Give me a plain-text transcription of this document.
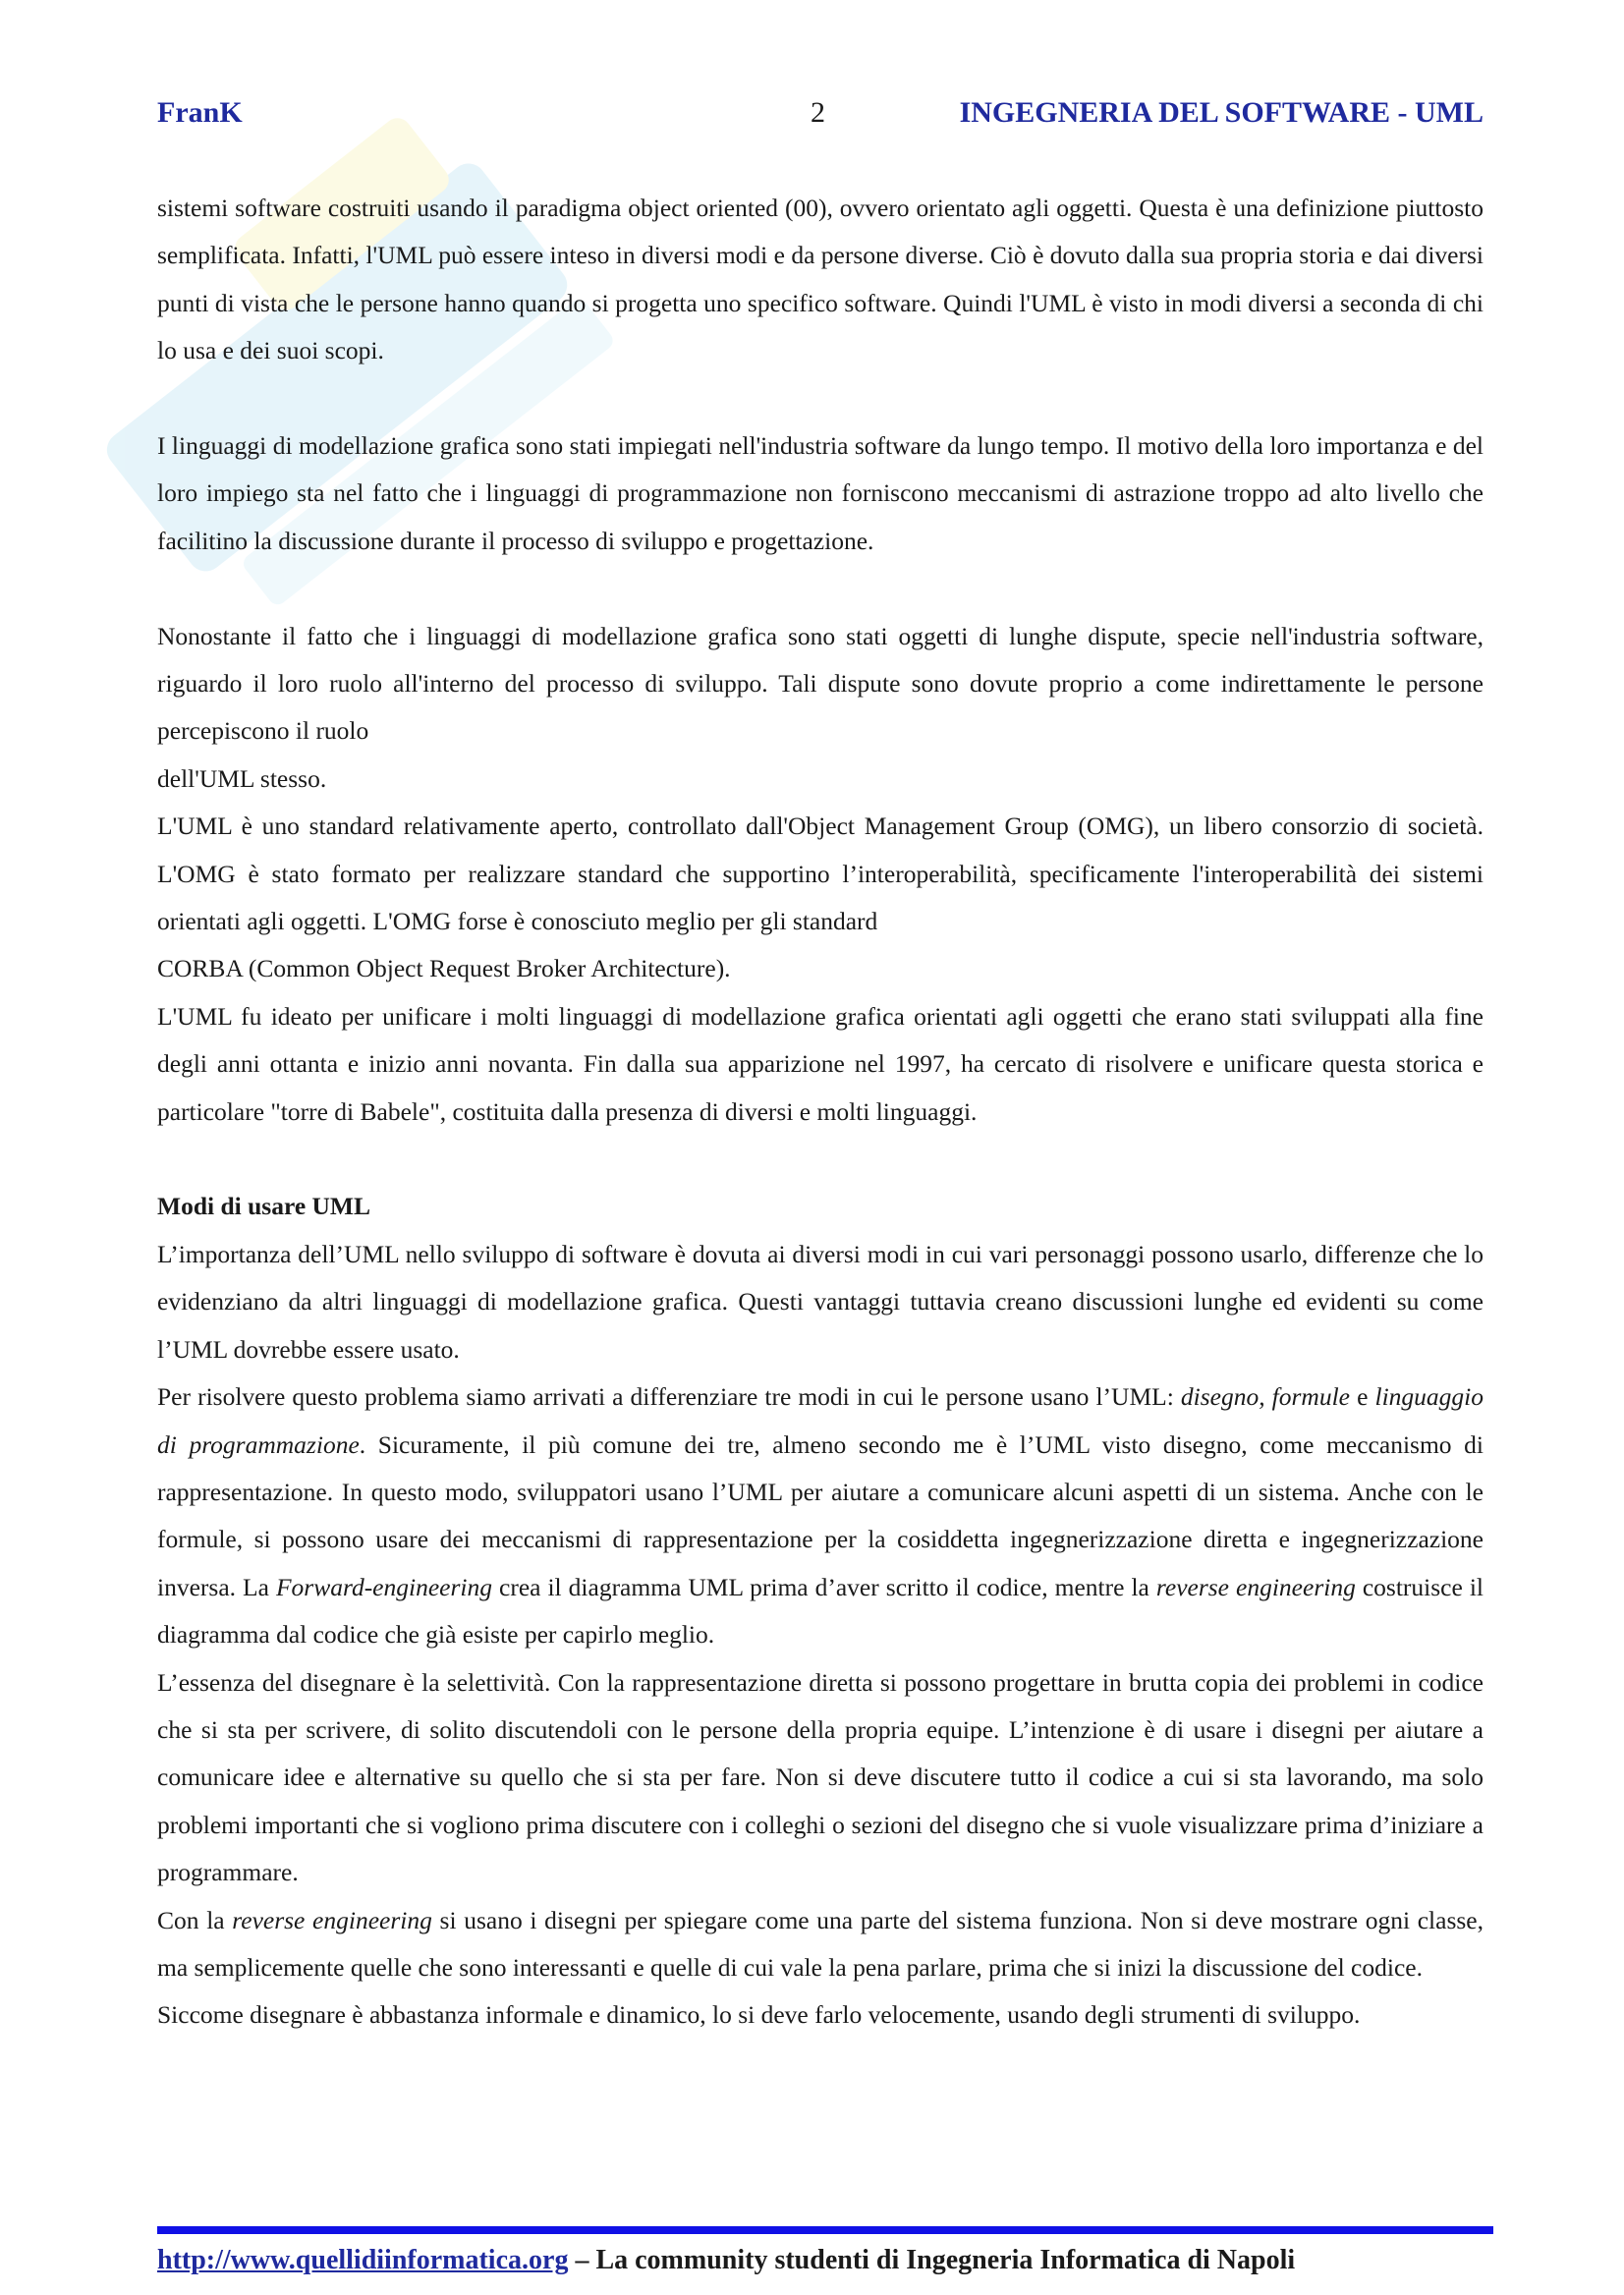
FranK	2	INGEGNERIA DEL SOFTWARE - UML

sistemi software costruiti usando il paradigma object oriented (00), ovvero orientato agli oggetti. Questa è una definizione piuttosto semplificata. Infatti, l'UML può essere inteso in diversi modi e da persone diverse. Ciò è dovuto dalla sua propria storia e dai diversi punti di vista che le persone hanno quando si progetta uno specifico software. Quindi l'UML è visto in modi diversi a seconda di chi lo usa e dei suoi scopi.

I linguaggi di modellazione grafica sono stati impiegati nell'industria software da lungo tempo. Il motivo della loro importanza e del loro impiego sta nel fatto che i linguaggi di programmazione non forniscono meccanismi di astrazione troppo ad alto livello che facilitino la discussione durante il processo di sviluppo e progettazione.

Nonostante il fatto che i linguaggi di modellazione grafica sono stati oggetti di lunghe dispute, specie nell'industria software, riguardo il loro ruolo all'interno del processo di sviluppo. Tali dispute sono dovute proprio a come indirettamente le persone percepiscono il ruolo

dell'UML stesso.

L'UML è uno standard relativamente aperto, controllato dall'Object Management Group (OMG), un libero consorzio di società. L'OMG è stato formato per realizzare standard che supportino l’interoperabilità, specificamente l'interoperabilità dei sistemi orientati agli oggetti. L'OMG forse è conosciuto meglio per gli standard

CORBA (Common Object Request Broker Architecture).

L'UML fu ideato per unificare i molti linguaggi di modellazione grafica orientati agli oggetti che erano stati sviluppati alla fine degli anni ottanta e inizio anni novanta. Fin dalla sua apparizione nel 1997, ha cercato di risolvere e unificare questa storica e particolare "torre di Babele", costituita dalla presenza di diversi e molti linguaggi.

Modi di usare UML

L’importanza dell’UML nello sviluppo di software è dovuta ai diversi modi in cui vari personaggi possono usarlo, differenze che lo evidenziano da altri linguaggi di modellazione grafica. Questi vantaggi tuttavia creano discussioni lunghe ed evidenti su come l’UML dovrebbe essere usato.

Per risolvere questo problema siamo arrivati a differenziare tre modi in cui le persone usano l’UML: disegno, formule e linguaggio di programmazione. Sicuramente, il più comune dei tre, almeno secondo me è l’UML visto disegno, come meccanismo di rappresentazione. In questo modo, sviluppatori usano l’UML per aiutare a comunicare alcuni aspetti di un sistema. Anche con le formule, si possono usare dei meccanismi di rappresentazione per la cosiddetta ingegnerizzazione diretta e ingegnerizzazione inversa. La Forward-engineering crea il diagramma UML prima d’aver scritto il codice, mentre la reverse engineering costruisce il diagramma dal codice che già esiste per capirlo meglio.

L’essenza del disegnare è la selettività. Con la rappresentazione diretta si possono progettare in brutta copia dei problemi in codice che si sta per scrivere, di solito discutendoli con le persone della propria equipe. L’intenzione è di usare i disegni per aiutare a comunicare idee e alternative su quello che si sta per fare. Non si deve discutere tutto il codice a cui si sta lavorando, ma solo problemi importanti che si vogliono prima discutere con i colleghi o sezioni del disegno che si vuole visualizzare prima d’iniziare a programmare.

Con la reverse engineering si usano i disegni per spiegare come una parte del sistema funziona. Non si deve mostrare ogni classe, ma semplicemente quelle che sono interessanti e quelle di cui vale la pena parlare, prima che si inizi la discussione del codice.

Siccome disegnare è abbastanza informale e dinamico, lo si deve farlo velocemente, usando degli strumenti di sviluppo.

http://www.quellidiinformatica.org – La community studenti di Ingegneria Informatica di Napoli
